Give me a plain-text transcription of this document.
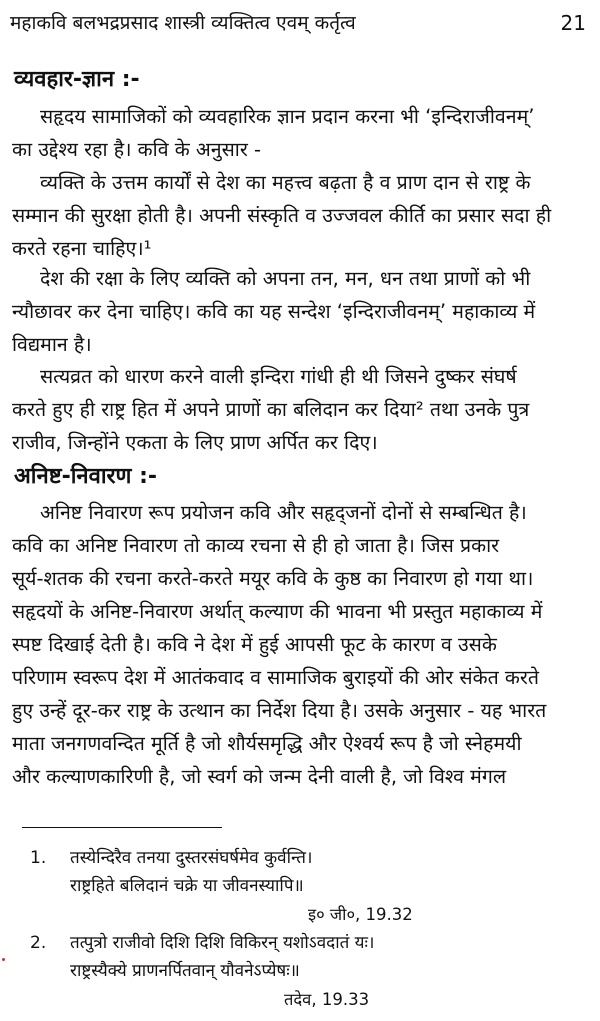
महाकवि बलभद्रप्रसाद शास्त्री व्यक्तित्व एवम् कर्तृत्व	21
व्यवहार-ज्ञान :-
सहृदय सामाजिकों को व्यवहारिक ज्ञान प्रदान करना भी ‘इन्दिराजीवनम्’
का उद्देश्य रहा है। कवि के अनुसार -
व्यक्ति के उत्तम कार्यों से देश का महत्त्व बढ़ता है व प्राण दान से राष्ट्र के
सम्मान की सुरक्षा होती है। अपनी संस्कृति व उज्जवल कीर्ति का प्रसार सदा ही
करते रहना चाहिए।¹
देश की रक्षा के लिए व्यक्ति को अपना तन, मन, धन तथा प्राणों को भी
न्यौछावर कर देना चाहिए। कवि का यह सन्देश ‘इन्दिराजीवनम्’ महाकाव्य में
विद्यमान है।
सत्यव्रत को धारण करने वाली इन्दिरा गांधी ही थी जिसने दुष्कर संघर्ष
करते हुए ही राष्ट्र हित में अपने प्राणों का बलिदान कर दिया² तथा उनके पुत्र
राजीव, जिन्होंने एकता के लिए प्राण अर्पित कर दिए।
अनिष्ट-निवारण :-
अनिष्ट निवारण रूप प्रयोजन कवि और सहृद्जनों दोनों से सम्बन्धित है।
कवि का अनिष्ट निवारण तो काव्य रचना से ही हो जाता है। जिस प्रकार
सूर्य-शतक की रचना करते-करते मयूर कवि के कुष्ठ का निवारण हो गया था।
सहृदयों के अनिष्ट-निवारण अर्थात् कल्याण की भावना भी प्रस्तुत महाकाव्य में
स्पष्ट दिखाई देती है। कवि ने देश में हुई आपसी फूट के कारण व उसके
परिणाम स्वरूप देश में आतंकवाद व सामाजिक बुराइयों की ओर संकेत करते
हुए उन्हें दूर-कर राष्ट्र के उत्थान का निर्देश दिया है। उसके अनुसार - यह भारत
माता जनगणवन्दित मूर्ति है जो शौर्यसमृद्धि और ऐश्वर्य रूप है जो स्नेहमयी
और कल्याणकारिणी है, जो स्वर्ग को जन्म देनी वाली है, जो विश्व मंगल
1. तस्येन्दिरैव तनया दुस्तरसंघर्षमेव कुर्वन्ति।
राष्ट्रहिते बलिदानं चक्रे या जीवनस्यापि॥
इ० जी०, 19.32
2. तत्पुत्रो राजीवो दिशि दिशि विकिरन् यशोऽवदातं यः।
राष्ट्रस्यैक्ये प्राणनर्पितवान् यौवनेऽप्येषः॥
तदेव, 19.33
